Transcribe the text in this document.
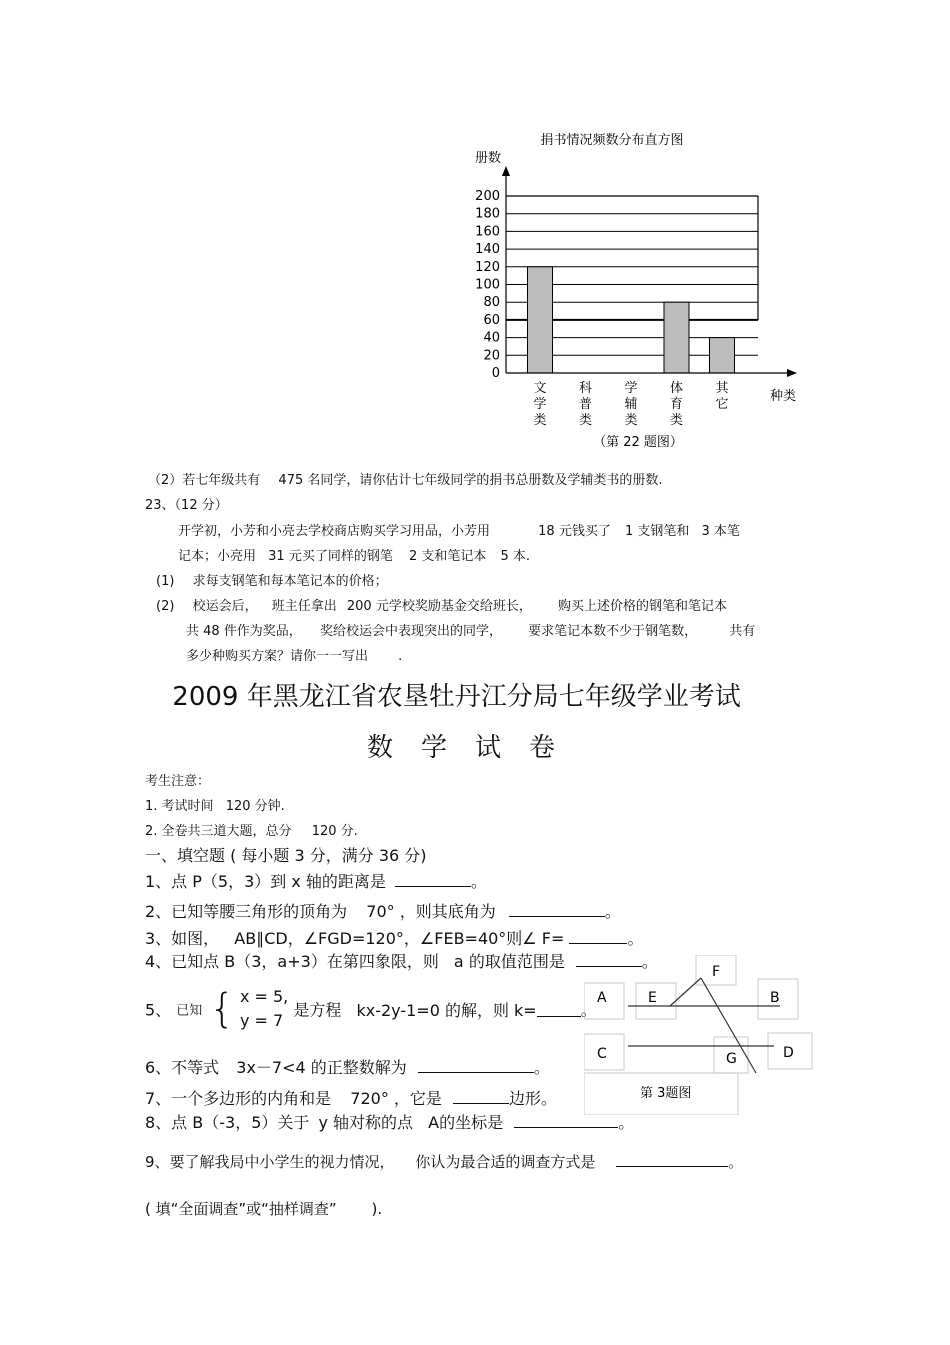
捐书情况频数分布直方图
册数
种类
200
180
160
140
120
100
80
60
40
20
0
文学类
科普类
学辅类
体育类
其它
（第 22 题图）
（2）若七年级共有 475 名同学，请你估计七年级同学的捐书总册数及学辅类书的册数.
23、（12 分）
开学初，小芳和小亮去学校商店购买学习用品，小芳用	18 元钱买了 1 支钢笔和 3 本笔
记本；小亮用 31 元买了同样的钢笔 2 支和笔记本 5 本.
(1) 求每支钢笔和每本笔记本的价格；
(2) 校运会后， 班主任拿出 200 元学校奖励基金交给班长， 购买上述价格的钢笔和笔记本
共 48 件作为奖品， 奖给校运会中表现突出的同学， 要求笔记本数不少于钢笔数， 共有
多少种购买方案？请你一一写出 .
2009 年黑龙江省农垦牡丹江分局七年级学业考试
数学试卷
考生注意：
1. 考试时间 120 分钟.
2. 全卷共三道大题，总分 120 分.
一、填空题 ( 每小题 3 分，满分 36 分)
1、点 P（5，3）到 x 轴的距离是	。
2、已知等腰三角形的顶角为 70° ，则其底角为	。
3、如图， AB∥CD，∠FGD=120°，∠FEB=40°则∠ F=	。
4、已知点 B（3，a+3）在第四象限，则 a 的取值范围是	。
5、 已知 { x = 5,
y = 7 是方程 kx-2y-1=0 的解，则 k=	。
6、不等式 3x－7<4 的正整数解为	。
7、一个多边形的内角和是 720° ，它是	边形。
8、点 B（-3，5）关于 y 轴对称的点 A的坐标是	。
9、要了解我局中小学生的视力情况， 你认为最合适的调查方式是	。
( 填“全面调查”或“抽样调查” ).
F
A	E	B
C	G	D
第 3题图
